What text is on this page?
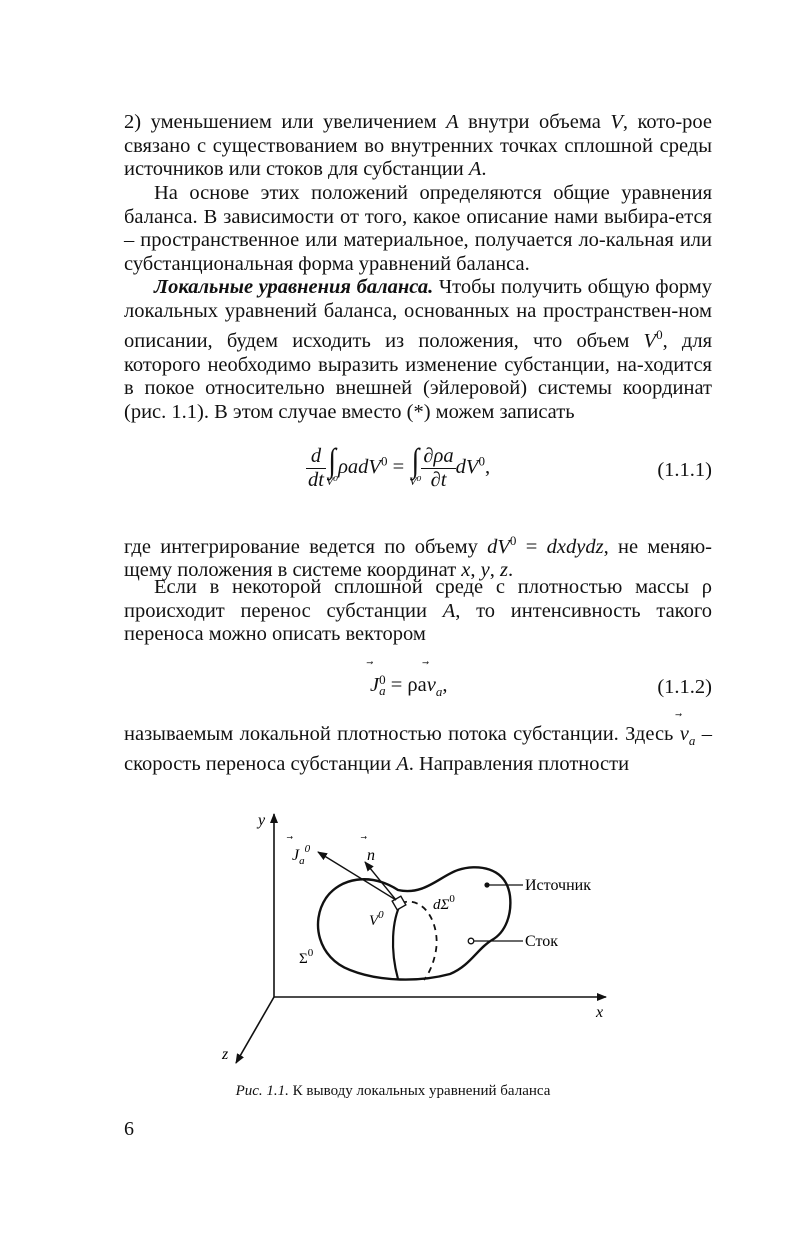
2) уменьшением или увеличением A внутри объема V, кото-рое связано с существованием во внутренних точках сплошной среды источников или стоков для субстанции A.
На основе этих положений определяются общие уравнения баланса. В зависимости от того, какое описание нами выбира-ется – пространственное или материальное, получается ло-кальная или субстанциональная форма уравнений баланса.
Локальные уравнения баланса. Чтобы получить общую форму локальных уравнений баланса, основанных на пространствен-ном описании, будем исходить из положения, что объем $V^0$, для которого необходимо выразить изменение субстанции, на-ходится в покое относительно внешней (эйлеровой) системы координат (рис. 1.1). В этом случае вместо (*) можем записать
$\frac{d}{dt}$ ∫
V⁰
ρadV$^0$ = ∫
$V^0 \frac{\partial\rho a}{\partial t} dV^0$,	(1.1.1)
где интегрирование ведется по объему $dV^0$ = dxdydz, не меняю-щему положения в системе координат x, y, z.
Если в некоторой сплошной среде с плотностью массы ρ происходит перенос субстанции A, то интенсивность такого переноса можно описать вектором
J 0
a = ρa
$v_a$,	(1.1.2)
называемым локальной плотностью потока субстанции. Здесь
$v_a$ – скорость переноса субстанции A. Направления плотности
y
x
z
$J_a^0$	n
$V^0$
$d\Sigma^0$
$\Sigma^0$
Источник
Сток
Рис. 1.1. К выводу локальных уравнений баланса
6
